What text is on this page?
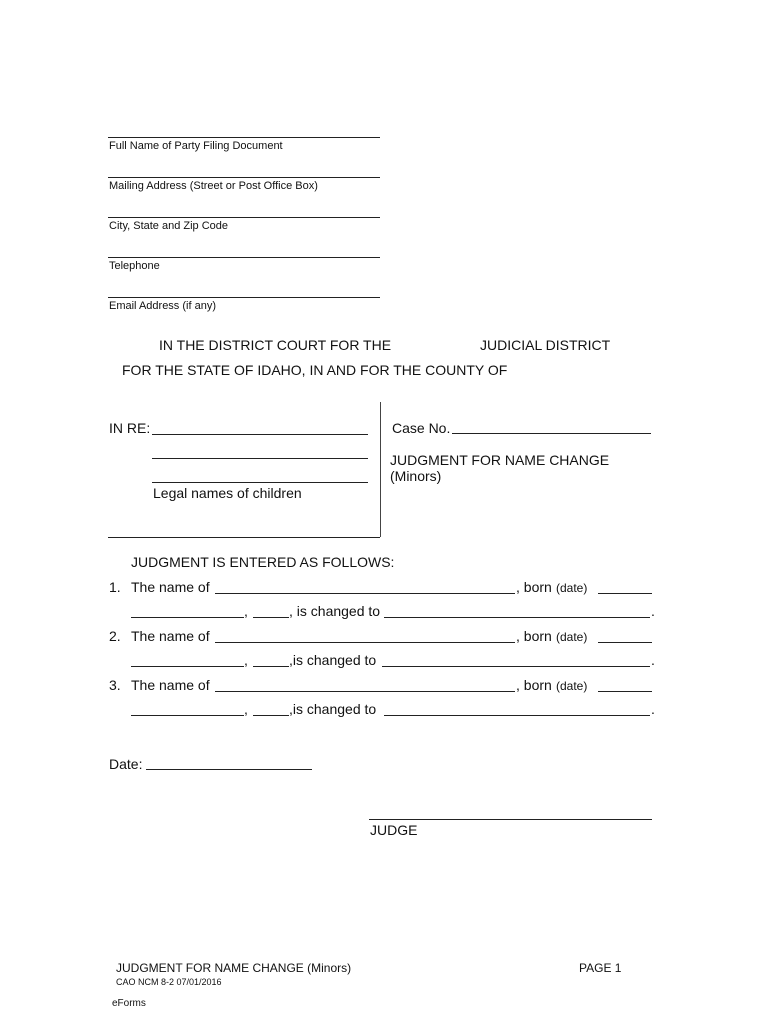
Full Name of Party Filing Document
Mailing Address (Street or Post Office Box)
City, State and Zip Code
Telephone
Email Address (if any)
IN THE DISTRICT COURT FOR THE	JUDICIAL DISTRICT
FOR THE STATE OF IDAHO, IN AND FOR THE COUNTY OF
IN RE:
Legal names of children
Case No.
JUDGMENT FOR NAME CHANGE
(Minors)
JUDGMENT IS ENTERED AS FOLLOWS:
1. The name of	, born (date)
,	, is changed to	.
2. The name of	, born (date)
,	,is changed to	.
3. The name of	, born (date)
,	,is changed to	.
Date:
JUDGE
JUDGMENT FOR NAME CHANGE (Minors)	PAGE 1
CAO NCM 8-2 07/01/2016
eForms
